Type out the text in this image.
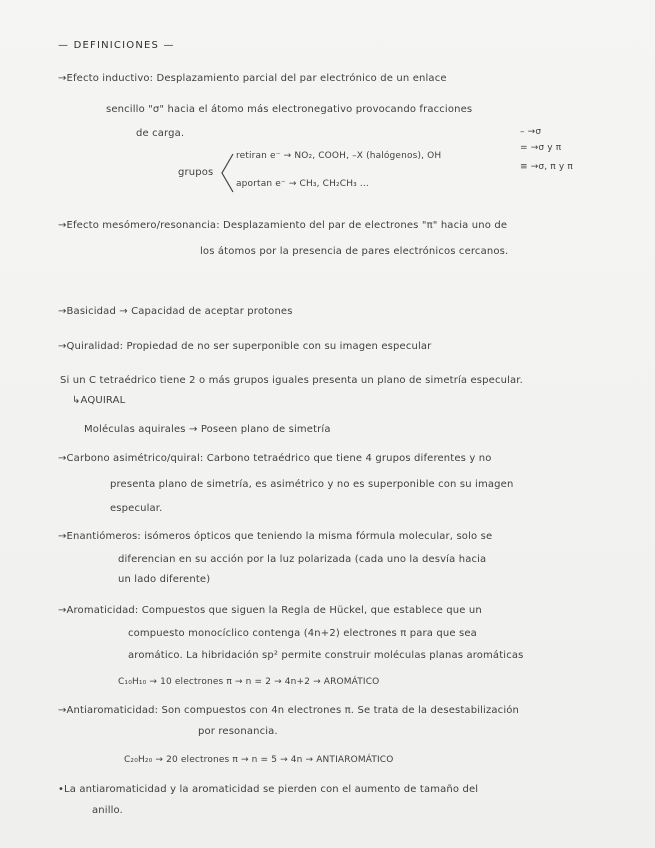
— DEFINICIONES —
→Efecto inductivo: Desplazamiento parcial del par electrónico de un enlace
sencillo "σ" hacia el átomo más electronegativo provocando fracciones
de carga.	– →σ
= →σ y π
≡ →σ, π y π
grupos
retiran e⁻ → NO₂, COOH, –X (halógenos), OH
aportan e⁻ → CH₃, CH₂CH₃ ...
→Efecto mesómero/resonancia: Desplazamiento del par de electrones "π" hacia uno de
los átomos por la presencia de pares electrónicos cercanos.
→Basicidad → Capacidad de aceptar protones
→Quiralidad: Propiedad de no ser superponible con su imagen especular
Si un C tetraédrico tiene 2 o más grupos iguales presenta un plano de simetría especular.
↳AQUIRAL
Moléculas aquirales → Poseen plano de simetría
→Carbono asimétrico/quiral: Carbono tetraédrico que tiene 4 grupos diferentes y no
presenta plano de simetría, es asimétrico y no es superponible con su imagen
especular.
→Enantiómeros: isómeros ópticos que teniendo la misma fórmula molecular, solo se
diferencian en su acción por la luz polarizada (cada uno la desvía hacia
un lado diferente)
→Aromaticidad: Compuestos que siguen la Regla de Hückel, que establece que un
compuesto monocíclico contenga (4n+2) electrones π para que sea
aromático. La hibridación sp² permite construir moléculas planas aromáticas
C₁₀H₁₀ → 10 electrones π → n = 2 → 4n+2 → AROMÁTICO
→Antiaromaticidad: Son compuestos con 4n electrones π. Se trata de la desestabilización
por resonancia.
C₂₀H₂₀ → 20 electrones π → n = 5 → 4n → ANTIAROMÁTICO
•La antiaromaticidad y la aromaticidad se pierden con el aumento de tamaño del
anillo.
